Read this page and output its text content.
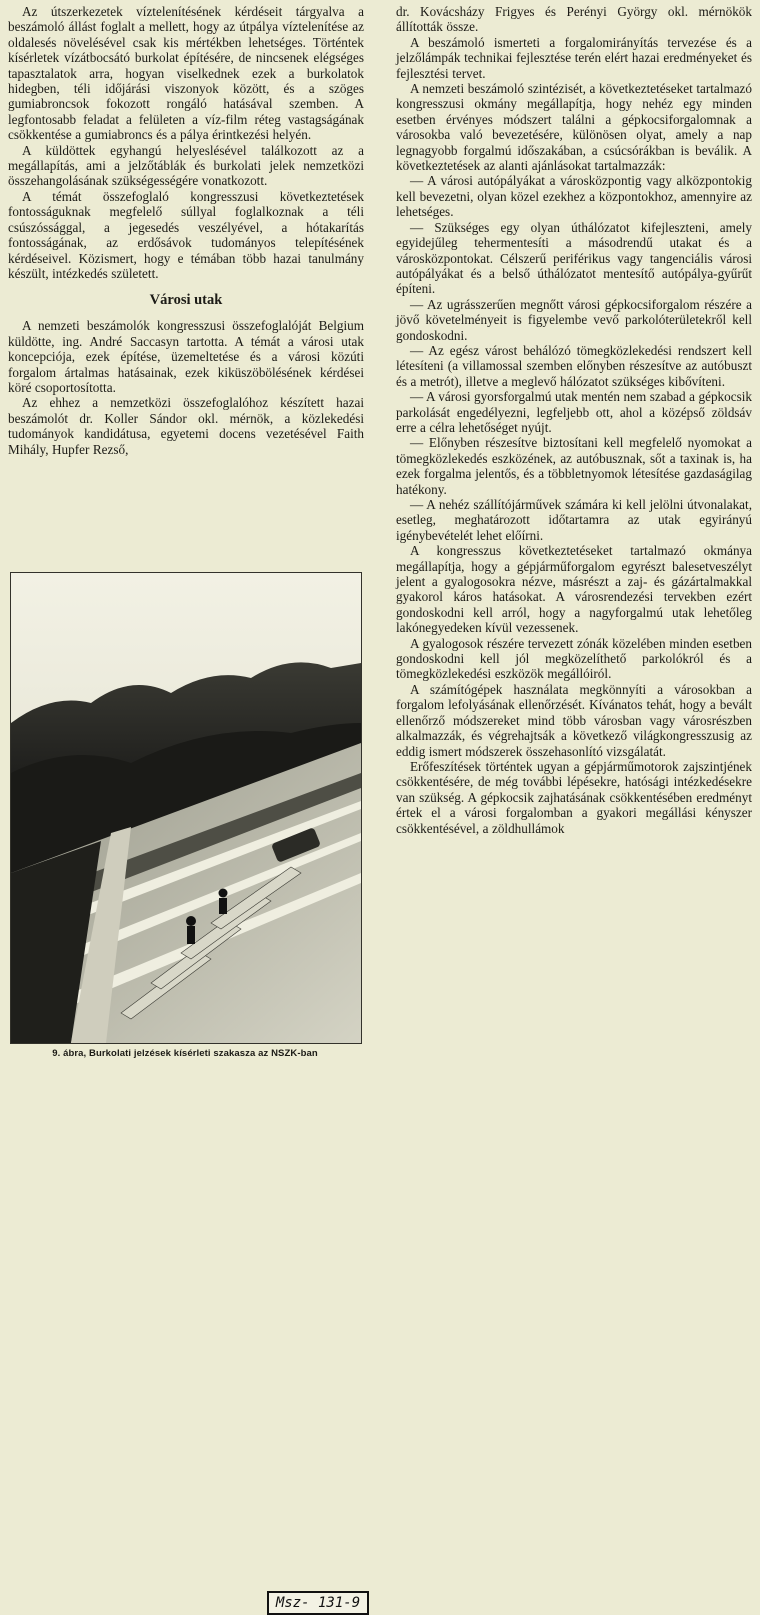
Az útszerkezetek víztelenítésének kérdéseit tárgyalva a beszámoló állást foglalt a mellett, hogy az útpálya víztelenítése az oldalesés növelésével csak kis mértékben lehetséges. Történtek kísérletek vízátbocsátó burkolat építésére, de nincsenek elégséges tapasztalatok arra, hogyan viselkednek ezek a burkolatok hidegben, téli időjárási viszonyok között, és a szöges gumiabroncsok fokozott rongáló hatásával szemben. A legfontosabb feladat a felületen a víz-film réteg vastagságának csökkentése a gumiabroncs és a pálya érintkezési helyén.

A küldöttek egyhangú helyeslésével találkozott az a megállapítás, ami a jelzőtáblák és burkolati jelek nemzetközi összehangolásának szükségességére vonatkozott.

A témát összefoglaló kongresszusi következtetések fontosságuknak megfelelő súllyal foglalkoznak a téli csúszóssággal, a jegesedés veszélyével, a hótakarítás fontosságának, az erdősávok tudományos telepítésének kérdéseivel. Közismert, hogy e témában több hazai tanulmány készült, intézkedés született.

Városi utak

A nemzeti beszámolók kongresszusi összefoglalóját Belgium küldötte, ing. André Saccasyn tartotta. A témát a városi utak koncepciója, ezek építése, üzemeltetése és a városi közúti forgalom ártalmas hatásainak, ezek kiküszöbölésének kérdései köré csoportosította.

Az ehhez a nemzetközi összefoglalóhoz készített hazai beszámolót dr. Koller Sándor okl. mérnök, a közlekedési tudományok kandidátusa, egyetemi docens vezetésével Faith Mihály, Hupfer Rezső,

Msz- 131-9
9. ábra, Burkolati jelzések kísérleti szakasza az NSZK-ban

dr. Kovácsházy Frigyes és Perényi György okl. mérnökök állították össze.

A beszámoló ismerteti a forgalomirányítás tervezése és a jelzőlámpák technikai fejlesztése terén elért hazai eredményeket és fejlesztési tervet.

A nemzeti beszámoló szintézisét, a következtetéseket tartalmazó kongresszusi okmány megállapítja, hogy nehéz egy minden esetben érvényes módszert találni a gépkocsiforgalomnak a városokba való bevezetésére, különösen olyat, amely a nap legnagyobb forgalmú időszakában, a csúcsórákban is beválik. A következtetések az alanti ajánlásokat tartalmazzák:

— A városi autópályákat a városközpontig vagy alközpontokig kell bevezetni, olyan közel ezekhez a központokhoz, amennyire az lehetséges.

— Szükséges egy olyan úthálózatot kifejleszteni, amely egyidejűleg tehermentesíti a másodrendű utakat és a városközpontokat. Célszerű periférikus vagy tangenciális városi autópályákat és a belső úthálózatot mentesítő autópálya-gyűrűt építeni.

— Az ugrásszerűen megnőtt városi gépkocsiforgalom részére a jövő követelményeit is figyelembe vevő parkolóterületekről kell gondoskodni.

— Az egész várost behálózó tömegközlekedési rendszert kell létesíteni (a villamossal szemben előnyben részesítve az autóbuszt és a metrót), illetve a meglevő hálózatot szükséges kibővíteni.

— A városi gyorsforgalmú utak mentén nem szabad a gépkocsik parkolását engedélyezni, legfeljebb ott, ahol a középső zöldsáv erre a célra lehetőséget nyújt.

— Előnyben részesítve biztosítani kell megfelelő nyomokat a tömegközlekedés eszközének, az autóbusznak, sőt a taxinak is, ha ezek forgalma jelentős, és a többletnyomok létesítése gazdaságilag hatékony.

— A nehéz szállítójárművek számára ki kell jelölni útvonalakat, esetleg, meghatározott időtartamra az utak egyirányú igénybevételét lehet előírni.

A kongresszus következtetéseket tartalmazó okmánya megállapítja, hogy a gépjárműforgalom egyrészt balesetveszélyt jelent a gyalogosokra nézve, másrészt a zaj- és gázártalmakkal gyakorol káros hatásokat. A városrendezési tervekben ezért gondoskodni kell arról, hogy a nagyforgalmú utak lehetőleg lakónegyedeken kívül vezessenek.

A gyalogosok részére tervezett zónák közelében minden esetben gondoskodni kell jól megközelíthető parkolókról és a tömegközlekedési eszközök megállóiról.

A számítógépek használata megkönnyíti a városokban a forgalom lefolyásának ellenőrzését. Kívánatos tehát, hogy a bevált ellenőrző módszereket mind több városban vagy városrészben alkalmazzák, és végrehajtsák a következő világkongresszusig az eddig ismert módszerek összehasonlító vizsgálatát.

Erőfeszítések történtek ugyan a gépjárműmotorok zajszintjének csökkentésére, de még további lépésekre, hatósági intézkedésekre van szükség. A gépkocsik zajhatásának csökkentésében eredményt értek el a városi forgalomban a gyakori megállási kényszer csökkentésével, a zöldhullámok
